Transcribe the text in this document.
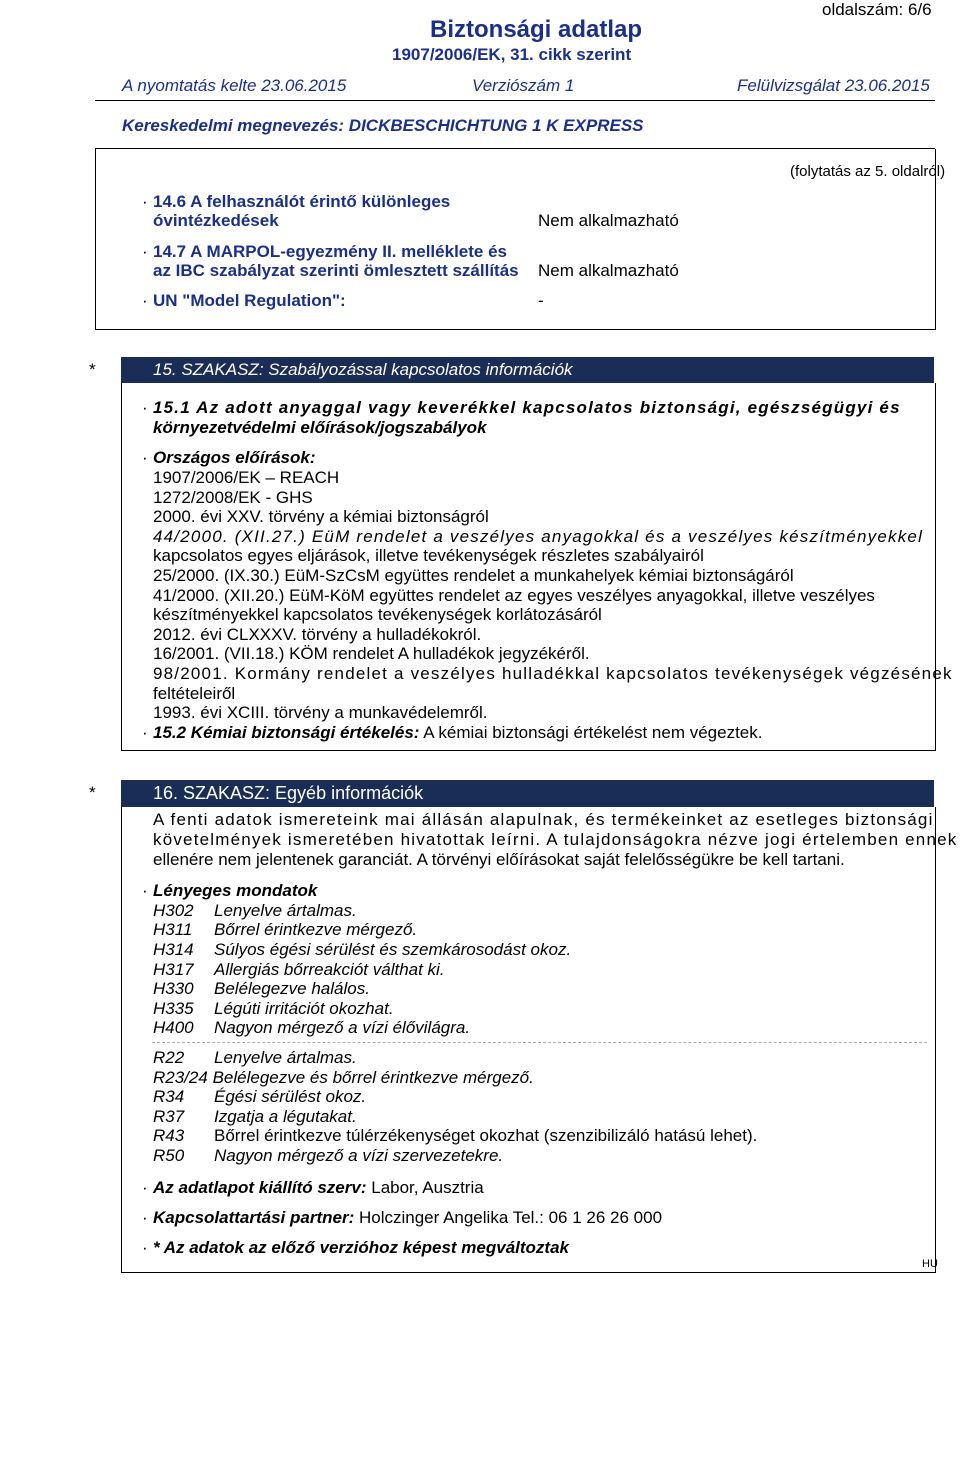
oldalszám: 6/6
Biztonsági adatlap
1907/2006/EK, 31. cikk szerint
A nyomtatás kelte 23.06.2015	Verziószám 1	Felülvizsgálat 23.06.2015
Kereskedelmi megnevezés: DICKBESCHICHTUNG 1 K EXPRESS
(folytatás az 5. oldalról)
· 14.6 A felhasználót érintő különleges
óvintézkedések	Nem alkalmazható
· 14.7 A MARPOL-egyezmény II. melléklete és
az IBC szabályzat szerinti ömlesztett szállítás Nem alkalmazható
· UN "Model Regulation":	-
*	15. SZAKASZ: Szabályozással kapcsolatos információk
· 15.1 Az adott anyaggal vagy keverékkel kapcsolatos biztonsági, egészségügyi és
környezetvédelmi előírások/jogszabályok
· Országos előírások:
1907/2006/EK – REACH
1272/2008/EK - GHS
2000. évi XXV. törvény a kémiai biztonságról
44/2000. (XII.27.) EüM rendelet a veszélyes anyagokkal és a veszélyes készítményekkel
kapcsolatos egyes eljárások, illetve tevékenységek részletes szabályairól
25/2000. (IX.30.) EüM-SzCsM együttes rendelet a munkahelyek kémiai biztonságáról
41/2000. (XII.20.) EüM-KöM együttes rendelet az egyes veszélyes anyagokkal, illetve veszélyes
készítményekkel kapcsolatos tevékenységek korlátozásáról
2012. évi CLXXXV. törvény a hulladékokról.
16/2001. (VII.18.) KÖM rendelet A hulladékok jegyzékéről.
98/2001. Kormány rendelet a veszélyes hulladékkal kapcsolatos tevékenységek végzésének
feltételeiről
1993. évi XCIII. törvény a munkavédelemről.
· 15.2 Kémiai biztonsági értékelés: A kémiai biztonsági értékelést nem végeztek.
*	16. SZAKASZ: Egyéb információk
A fenti adatok ismereteink mai állásán alapulnak, és termékeinket az esetleges biztonsági
követelmények ismeretében hivatottak leírni. A tulajdonságokra nézve jogi értelemben ennek
ellenére nem jelentenek garanciát. A törvényi előírásokat saját felelősségükre be kell tartani.
· Lényeges mondatok
H302 Lenyelve ártalmas.
H311 Bőrrel érintkezve mérgező.
H314 Súlyos égési sérülést és szemkárosodást okoz.
H317 Allergiás bőrreakciót válthat ki.
H330 Belélegezve halálos.
H335 Légúti irritációt okozhat.
H400 Nagyon mérgező a vízi élővilágra.
R22 Lenyelve ártalmas.
R23/24 Belélegezve és bőrrel érintkezve mérgező.
R34 Égési sérülést okoz.
R37 Izgatja a légutakat.
R43 Bőrrel érintkezve túlérzékenységet okozhat (szenzibilizáló hatású lehet).
R50 Nagyon mérgező a vízi szervezetekre.
· Az adatlapot kiállító szerv: Labor, Ausztria
· Kapcsolattartási partner: Holczinger Angelika Tel.: 06 1 26 26 000
· * Az adatok az előző verzióhoz képest megváltoztak
HU
